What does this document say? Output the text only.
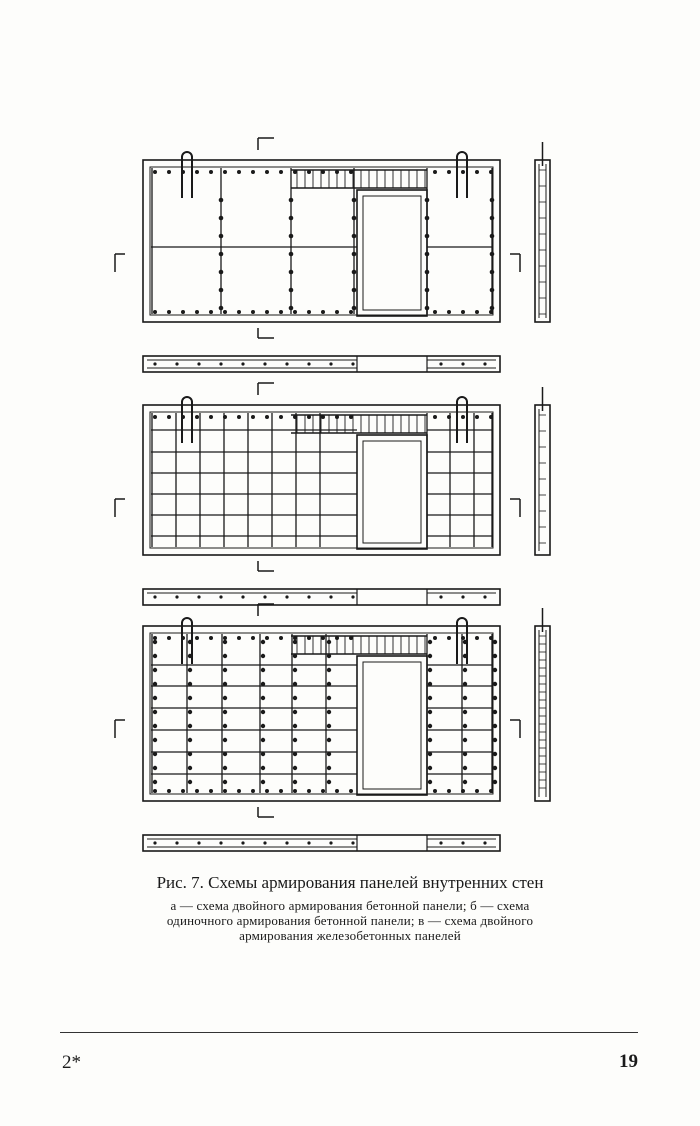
Рис. 7. Схемы армирования панелей внутренних стен
а — схема двойного армирования бетонной панели; б — схема
одиночного армирования бетонной панели; в — схема двойного
армирования железобетонных панелей
2*	19
